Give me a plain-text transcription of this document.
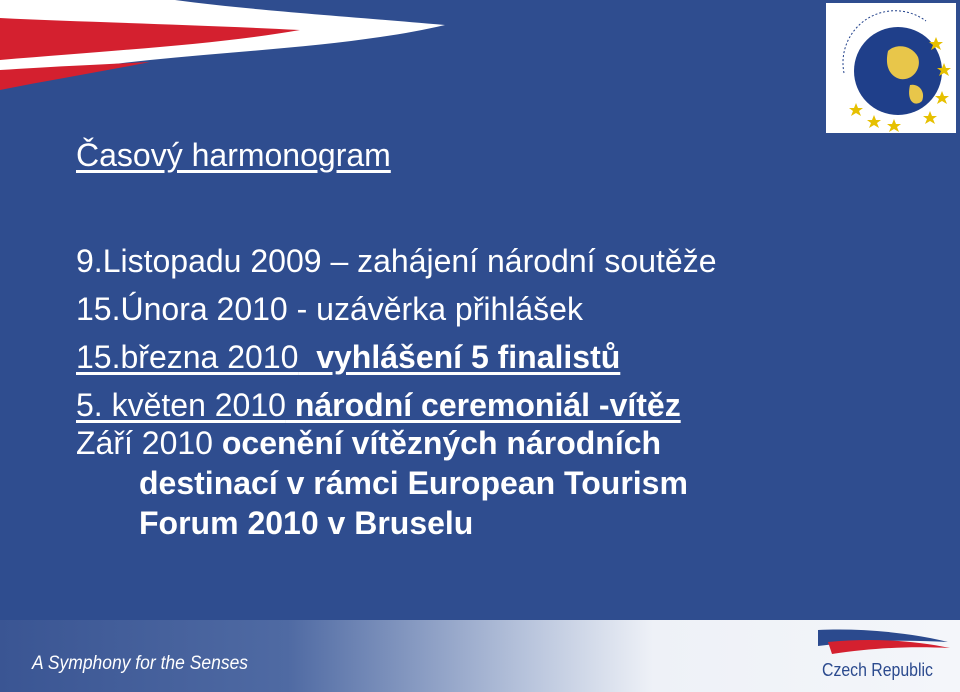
Časový harmonogram
9.Listopadu 2009 – zahájení národní soutěže
15.Února 2010 - uzávěrka přihlášek
15.března 2010  vyhlášení 5 finalistů
5. květen 2010 národní ceremoniál -vítěz
Září 2010 ocenění vítězných národních
destinací v rámci European Tourism
Forum 2010 v Bruselu
A Symphony for the Senses	Czech Republic
